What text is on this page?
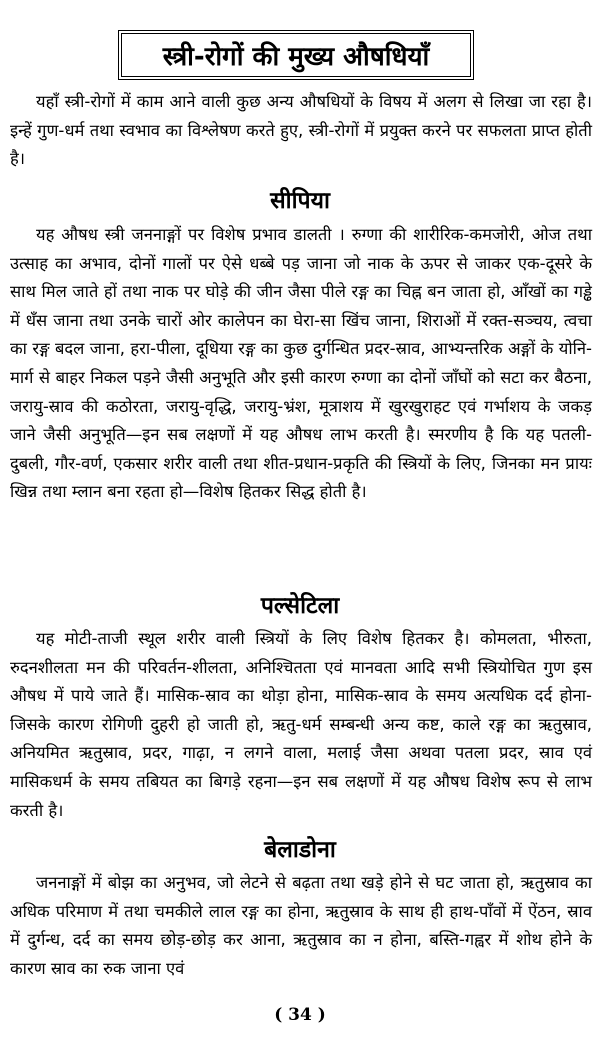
स्त्री-रोगों की मुख्य औषधियाँ

यहाँ स्त्री-रोगों में काम आने वाली कुछ अन्य औषधियों के विषय में अलग से लिखा जा रहा है। इन्हें गुण-धर्म तथा स्वभाव का विश्लेषण करते हुए, स्त्री-रोगों में प्रयुक्त करने पर सफलता प्राप्त होती है।

सीपिया

यह औषध स्त्री जननाङ्गों पर विशेष प्रभाव डालती । रुग्णा की शारीरिक-कमजोरी, ओज तथा उत्साह का अभाव, दोनों गालों पर ऐसे धब्बे पड़ जाना जो नाक के ऊपर से जाकर एक-दूसरे के साथ मिल जाते हों तथा नाक पर घोड़े की जीन जैसा पीले रङ्ग का चिह्न बन जाता हो, आँखों का गड्ढे में धँस जाना तथा उनके चारों ओर कालेपन का घेरा-सा खिंच जाना, शिराओं में रक्त-सञ्चय, त्वचा का रङ्ग बदल जाना, हरा-पीला, दूधिया रङ्ग का कुछ दुर्गन्धित प्रदर-स्राव, आभ्यन्तरिक अङ्गों के योनि-मार्ग से बाहर निकल पड़ने जैसी अनुभूति और इसी कारण रुग्णा का दोनों जाँघों को सटा कर बैठना, जरायु-स्राव की कठोरता, जरायु-वृद्धि, जरायु-भ्रंश, मूत्राशय में खुरखुराहट एवं गर्भाशय के जकड़ जाने जैसी अनुभूति—इन सब लक्षणों में यह औषध लाभ करती है। स्मरणीय है कि यह पतली-दुबली, गौर-वर्ण, एकसार शरीर वाली तथा शीत-प्रधान-प्रकृति की स्त्रियों के लिए, जिनका मन प्रायः खिन्न तथा म्लान बना रहता हो—विशेष हितकर सिद्ध होती है।

पल्सेटिला

यह मोटी-ताजी स्थूल शरीर वाली स्त्रियों के लिए विशेष हितकर है। कोमलता, भीरुता, रुदनशीलता मन की परिवर्तन-शीलता, अनिश्चितता एवं मानवता आदि सभी स्त्रियोचित गुण इस औषध में पाये जाते हैं। मासिक-स्राव का थोड़ा होना, मासिक-स्राव के समय अत्यधिक दर्द होना-जिसके कारण रोगिणी दुहरी हो जाती हो, ऋतु-धर्म सम्बन्धी अन्य कष्ट, काले रङ्ग का ऋतुस्राव, अनियमित ऋतुस्राव, प्रदर, गाढ़ा, न लगने वाला, मलाई जैसा अथवा पतला प्रदर, स्राव एवं मासिकधर्म के समय तबियत का बिगड़े रहना—इन सब लक्षणों में यह औषध विशेष रूप से लाभ करती है।

बेलाडोना

जननाङ्गों में बोझ का अनुभव, जो लेटने से बढ़ता तथा खड़े होने से घट जाता हो, ऋतुस्राव का अधिक परिमाण में तथा चमकीले लाल रङ्ग का होना, ऋतुस्राव के साथ ही हाथ-पाँवों में ऐंठन, स्राव में दुर्गन्ध, दर्द का समय छोड़-छोड़ कर आना, ऋतुस्राव का न होना, बस्ति-गह्वर में शोथ होने के कारण स्राव का रुक जाना एवं

( 34 )
